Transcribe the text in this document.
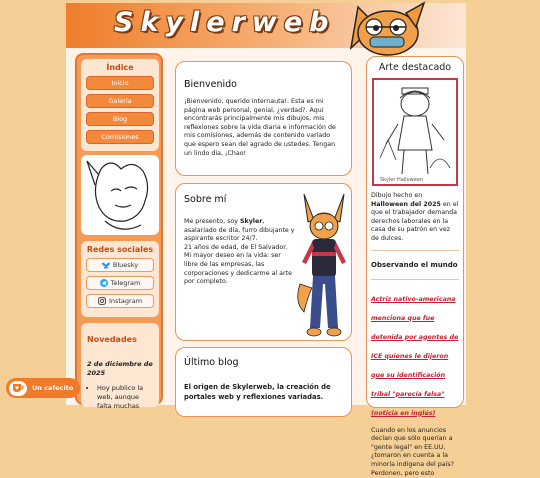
Skylerweb
Índice
Inicio
Galería
Blog
Comisiones
Redes sociales
Bluesky
Telegram
Instagram
Novedades
2 de diciembre de 2025
• Hoy publico la web, aunque falta muchas
Bienvenido

¡Bienvenido, querido internauta!. Esta es mi página web personal, genial, ¿verdad?. Aquí encontrarás principalmente mis dibujos, mis reflexiones sobre la vida diaria e información de mis comisiones, además de contenido variado que espero sean del agrado de ustedes. Tengan un lindo día, ¡Chao!

Sobre mí

Me presento, soy Skyler, asalariado de día, furro dibujante y aspirante escritor 24/7.
21 años de edad, de El Salvador.
Mi mayor deseo en la vida: ser libre de las empresas, las corporaciones y dedicarme al arte por completo.

Último blog
El origen de Skylerweb, la creación de portales web y reflexiones variadas.
Arte destacado
Skyler Halloween

Dibujo hecho en Halloween del 2025 en el que el trabajador demanda derechos laborales en la casa de su patrón en vez de dulces.

Observando el mundo
Actriz nativo-americana menciona que fue detenida por agentes de ICE quienes le dijeron que su identificación tribal "parecía falsa" (noticia en inglés)

Cuando en los anuncios decían que sólo querían a "gente legal" en EE.UU, ¿tomaron en cuenta a la minoría indígena del país? Perdonen, pero esto

Un cafecito
